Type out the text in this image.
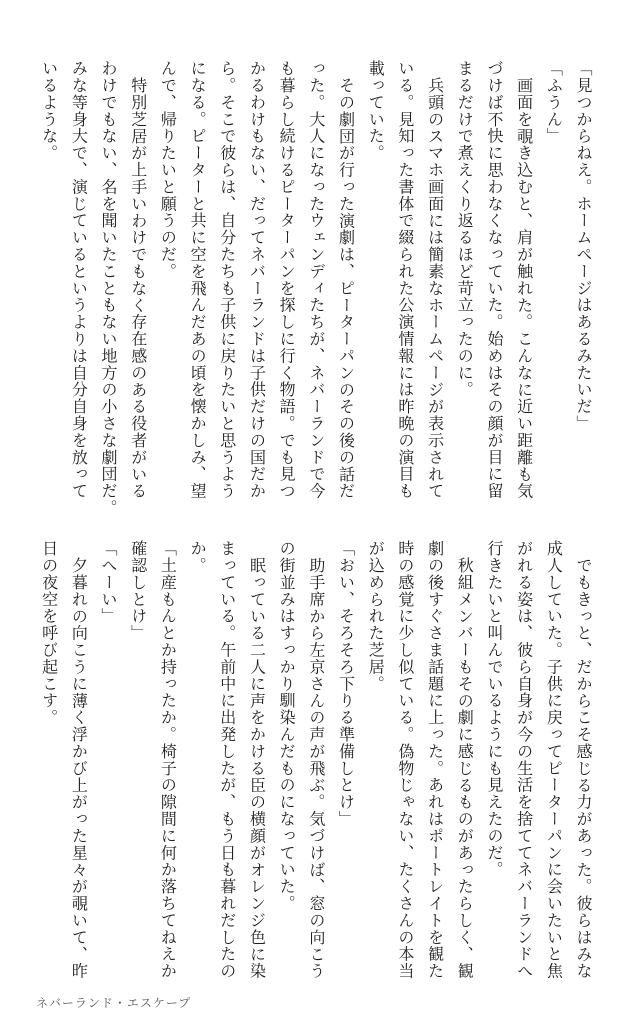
「見つからねえ。ホームページはあるみたいだ」
「ふうん」
画面を覗き込むと、肩が触れた。こんなに近い距離も気
づけば不快に思わなくなっていた。始めはその顔が目に留
まるだけで煮えくり返るほど苛立ったのに。
兵頭のスマホ画面には簡素なホームページが表示されて
いる。見知った書体で綴られた公演情報には昨晩の演目も
載っていた。
その劇団が行った演劇は、ピーターパンのその後の話だ
った。大人になったウェンディたちが、ネバーランドで今
も暮らし続けるピーターパンを探しに行く物語。でも見つ
かるわけもない、だってネバーランドは子供だけの国だか
ら。そこで彼らは、自分たちも子供に戻りたいと思うよう
になる。ピーターと共に空を飛んだあの頃を懐かしみ、望
んで、帰りたいと願うのだ。
特別芝居が上手いわけでもなく存在感のある役者がいる
わけでもない、名を聞いたこともない地方の小さな劇団だ。
みな等身大で、演じているというよりは自分自身を放って
いるような。
でもきっと、だからこそ感じる力があった。彼らはみな
成人していた。子供に戻ってピーターパンに会いたいと焦
がれる姿は、彼ら自身が今の生活を捨ててネバーランドへ
行きたいと叫んでいるようにも見えたのだ。
秋組メンバーもその劇に感じるものがあったらしく、観
劇の後すぐさま話題に上った。あれはポートレイトを観た
時の感覚に少し似ている。偽物じゃない、たくさんの本当
が込められた芝居。
「おい、そろそろ下りる準備しとけ」
助手席から左京さんの声が飛ぶ。気づけば、窓の向こう
の街並みはすっかり馴染んだものになっていた。
眠っている二人に声をかける臣の横顔がオレンジ色に染
まっている。午前中に出発したが、もう日も暮れだしたの
か。
「土産もんとか持ったか。椅子の隙間に何か落ちてねえか
確認しとけ」
「へーい」
夕暮れの向こうに薄く浮かび上がった星々が覗いて、昨
日の夜空を呼び起こす。
ネバーランド・エスケープ
